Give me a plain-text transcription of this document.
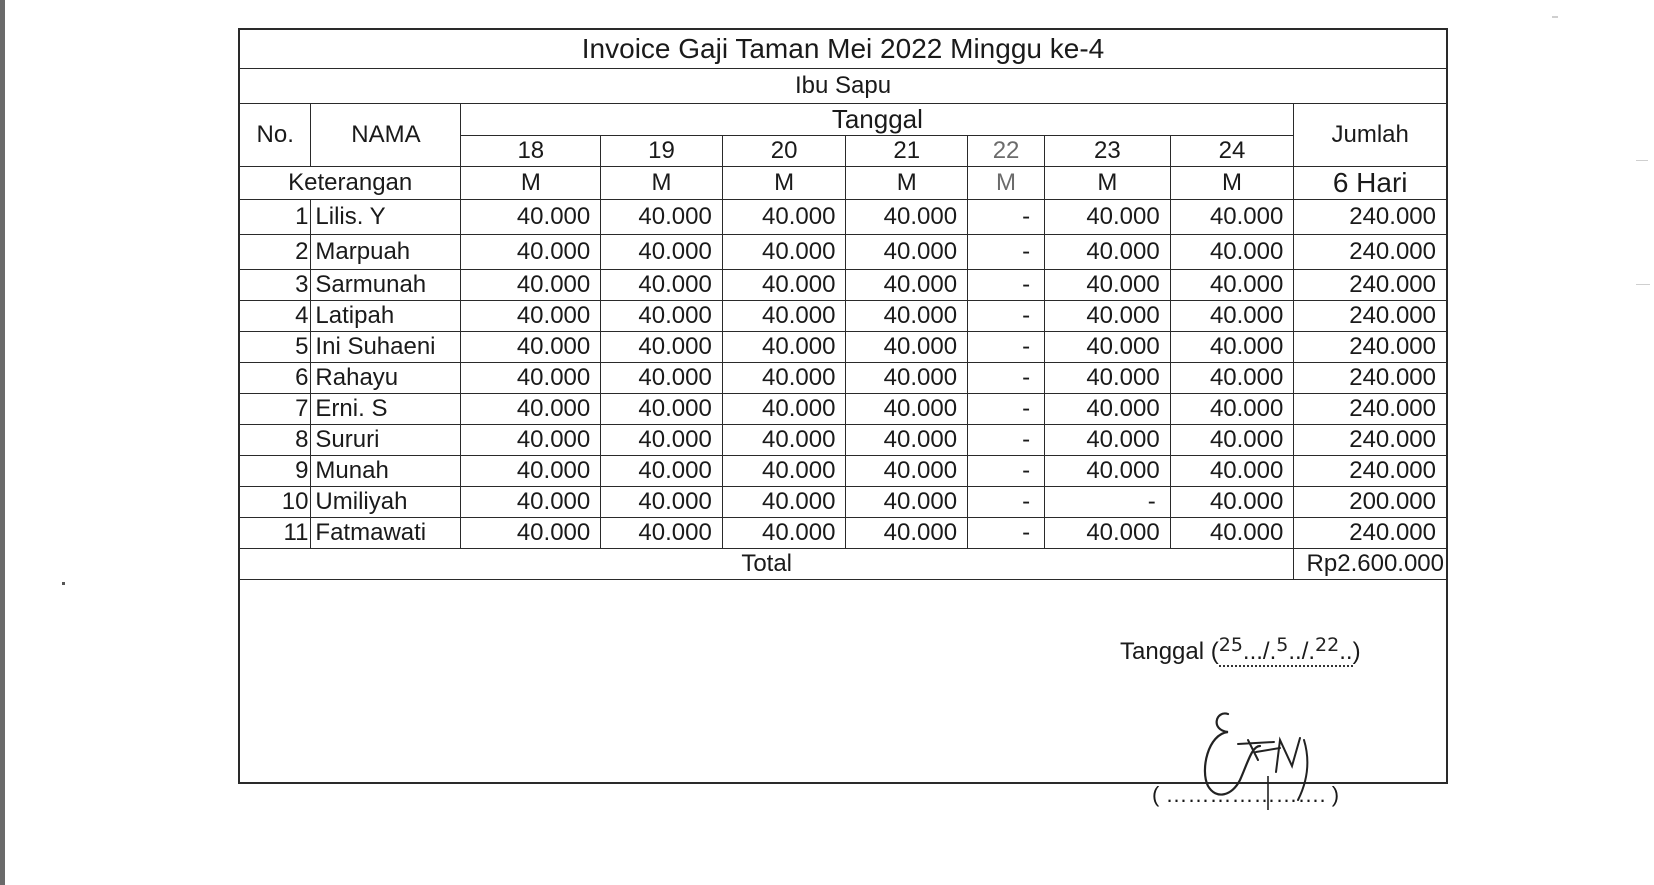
Invoice Gaji Taman Mei 2022 Minggu ke-4									
Ibu Sapu									
No.	NAMA	Tanggal							Jumlah
		18	19	20	21	22	23	24	
Keterangan		M	M	M	M	M	M	M	6 Hari
1	Lilis. Y	40.000	40.000	40.000	40.000	-	40.000	40.000	240.000
2	Marpuah	40.000	40.000	40.000	40.000	-	40.000	40.000	240.000
3	Sarmunah	40.000	40.000	40.000	40.000	-	40.000	40.000	240.000
4	Latipah	40.000	40.000	40.000	40.000	-	40.000	40.000	240.000
5	Ini Suhaeni	40.000	40.000	40.000	40.000	-	40.000	40.000	240.000
6	Rahayu	40.000	40.000	40.000	40.000	-	40.000	40.000	240.000
7	Erni. S	40.000	40.000	40.000	40.000	-	40.000	40.000	240.000
8	Sururi	40.000	40.000	40.000	40.000	-	40.000	40.000	240.000
9	Munah	40.000	40.000	40.000	40.000	-	40.000	40.000	240.000
10	Umiliyah	40.000	40.000	40.000	40.000	-	-	40.000	200.000
11	Fatmawati	40.000	40.000	40.000	40.000	-	40.000	40.000	240.000
Total									Rp2.600.000
Tanggal ($^{25}$.../.$^5$../.$^{22}$..)
( …………………. )
